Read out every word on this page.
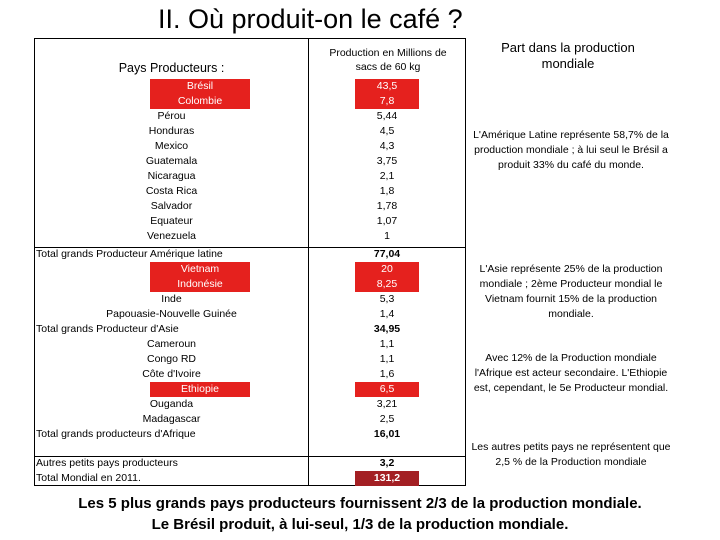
II. Où produit-on le café ?
Pays Producteurs :
Production en Millions de sacs de 60 kg
Part dans la production mondiale
Brésil	43,5
Colombie	7,8
Pérou	5,44
Honduras	4,5
Mexico	4,3
Guatemala	3,75
Nicaragua	2,1
Costa Rica	1,8
Salvador	1,78
Equateur	1,07
Venezuela	1
Total grands Producteur Amérique latine	77,04
Vietnam	20
Indonésie	8,25
Inde	5,3
Papouasie-Nouvelle Guinée	1,4
Total grands Producteur d'Asie	34,95
Cameroun	1,1
Congo RD	1,1
Côte d'Ivoire	1,6
Ethiopie	6,5
Ouganda	3,21
Madagascar	2,5
Total grands producteurs d'Afrique	16,01
Autres petits pays producteurs	3,2
Total Mondial en 2011.	131,2
L'Amérique Latine représente 58,7% de la production mondiale ; à lui seul le Brésil a produit 33% du café du monde.
L'Asie représente 25% de la production mondiale ; 2ème Producteur mondial le Vietnam fournit 15% de la production mondiale.
Avec 12% de la Production mondiale l'Afrique est acteur secondaire. L'Ethiopie est, cependant, le 5e Producteur mondial.
Les autres petits pays ne représentent que 2,5 % de la Production mondiale
Les 5 plus grands pays producteurs fournissent 2/3 de la production mondiale.
Le Brésil produit, à lui-seul, 1/3 de la production mondiale.
